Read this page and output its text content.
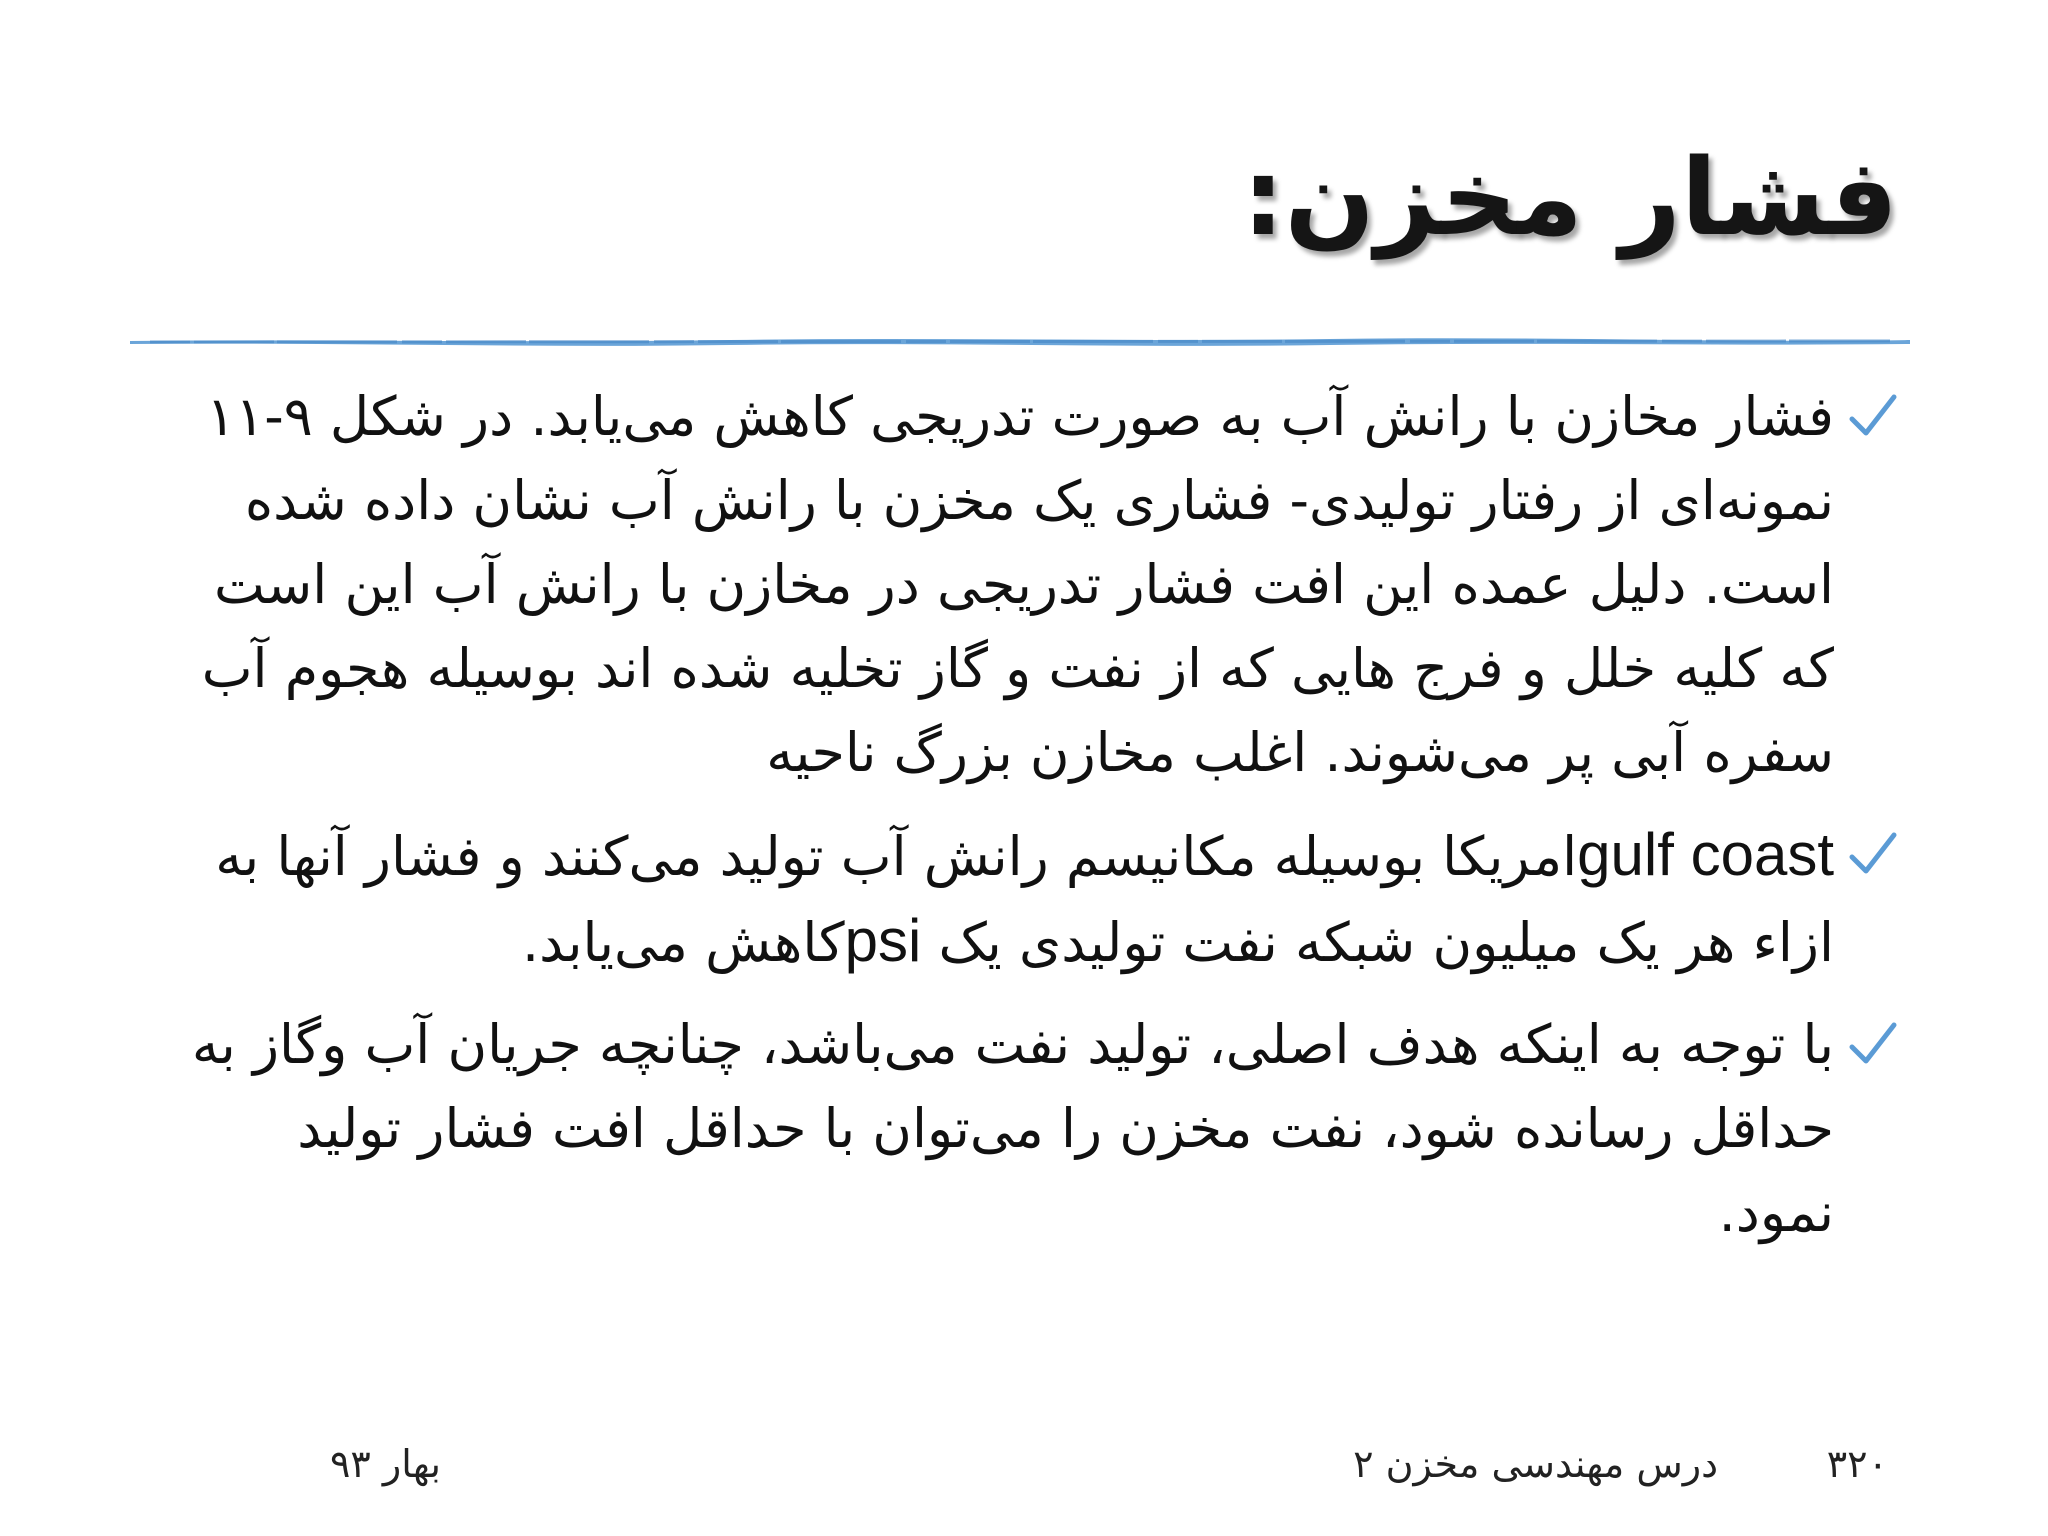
فشار مخزن:
فشار مخازن با رانش آب به صورت تدریجی کاهش می‌یابد. در شکل ۹-۱۱ نمونه‌ای از رفتار تولیدی- فشاری یک مخزن با رانش آب نشان داده شده است. دلیل عمده این افت فشار تدریجی در مخازن با رانش آب این است که کلیه خلل و فرج هایی که از نفت و گاز تخلیه شده اند بوسیله هجوم آب سفره آبی پر می‌شوند. اغلب مخازن بزرگ ناحیه
gulf coastامریکا بوسیله مکانیسم رانش آب تولید می‌کنند و فشار آنها به ازاء هر یک میلیون شبکه نفت تولیدی یک psiکاهش می‌یابد.
با توجه به اینکه هدف اصلی، تولید نفت می‌باشد، چنانچه جریان آب وگاز به حداقل رسانده شود، نفت مخزن را می‌توان با حداقل افت فشار تولید نمود.
۳۲۰
درس مهندسی مخزن ۲
بهار ۹۳
